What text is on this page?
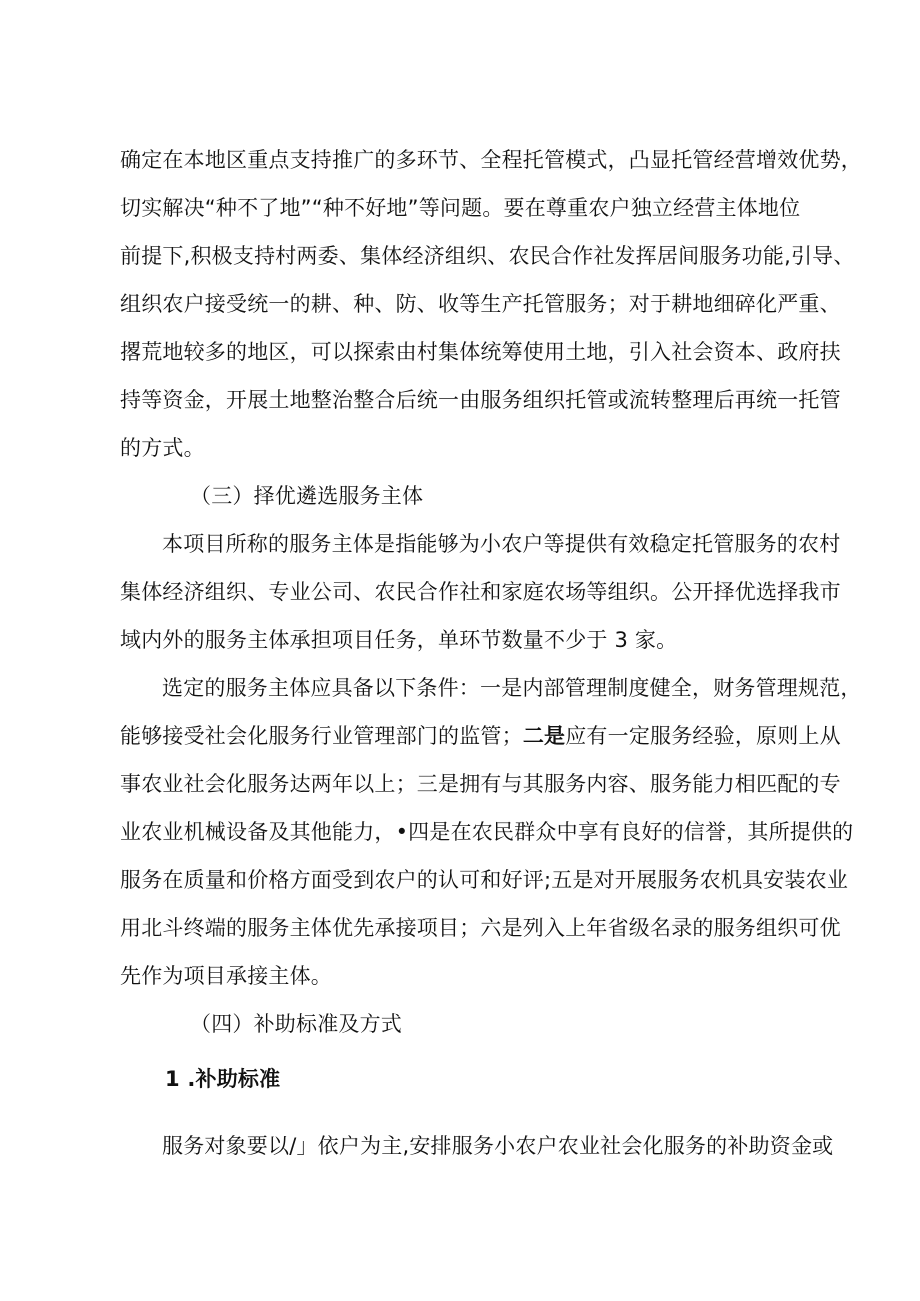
确定在本地区重点支持推广的多环节、全程托管模式，凸显托管经营增效优势，
切实解决“种不了地”“种不好地”等问题。要在尊重农户独立经营主体地位
前提下,积极支持村两委、集体经济组织、农民合作社发挥居间服务功能,引导、
组织农户接受统一的耕、种、防、收等生产托管服务；对于耕地细碎化严重、
撂荒地较多的地区，可以探索由村集体统筹使用土地，引入社会资本、政府扶
持等资金，开展土地整治整合后统一由服务组织托管或流转整理后再统一托管
的方式。
（三）择优遴选服务主体
本项目所称的服务主体是指能够为小农户等提供有效稳定托管服务的农村
集体经济组织、专业公司、农民合作社和家庭农场等组织。公开择优选择我市
域内外的服务主体承担项目任务，单环节数量不少于 3 家。
选定的服务主体应具备以下条件：一是内部管理制度健全，财务管理规范，
能够接受社会化服务行业管理部门的监管；二是应有一定服务经验，原则上从
事农业社会化服务达两年以上；三是拥有与其服务内容、服务能力相匹配的专
业农业机械设备及其他能力，•四是在农民群众中享有良好的信誉，其所提供的
服务在质量和价格方面受到农户的认可和好评;五是对开展服务农机具安装农业
用北斗终端的服务主体优先承接项目；六是列入上年省级名录的服务组织可优
先作为项目承接主体。
（四）补助标准及方式
1 .补助标准
服务对象要以/」依户为主,安排服务小农户农业社会化服务的补助资金或
